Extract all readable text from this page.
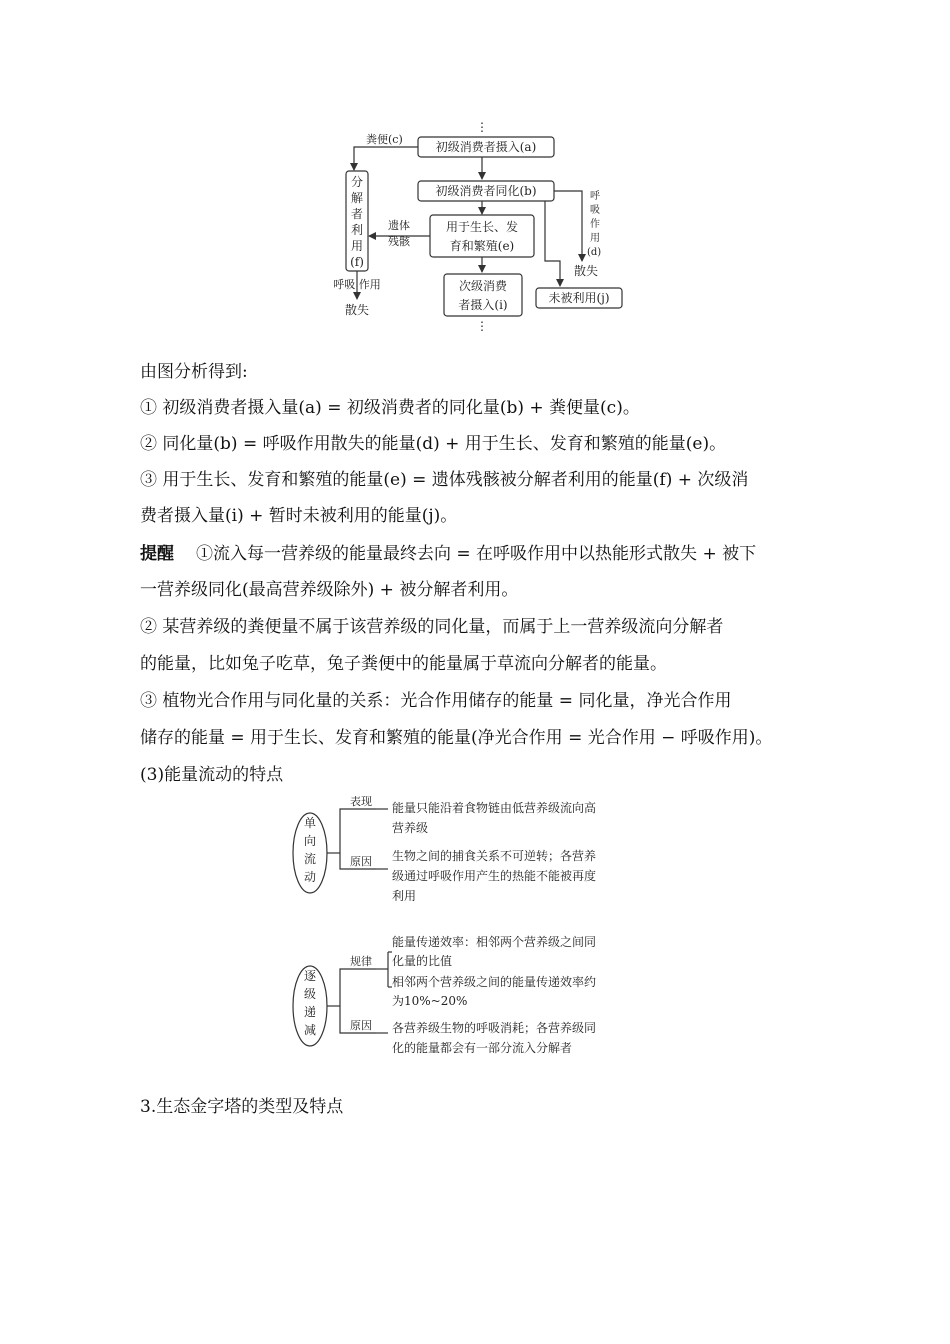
⋮
粪便(c)
初级消费者摄入(a)
初级消费者同化(b)	呼
吸
作
用
(d)
散失
用于生长、发
育和繁殖(e)
遗体
残骸
分
解
者
利
用
(f)
呼吸 作用
散失
次级消费
者摄入(i)	未被利用(j)
⋮
由图分析得到:
① 初级消费者摄入量(a) = 初级消费者的同化量(b) + 粪便量(c)。
② 同化量(b) = 呼吸作用散失的能量(d) + 用于生长、发育和繁殖的能量(e)。
③ 用于生长、发育和繁殖的能量(e) = 遗体残骸被分解者利用的能量(f) + 次级消
费者摄入量(i) + 暂时未被利用的能量(j)。
提醒 ①流入每一营养级的能量最终去向 = 在呼吸作用中以热能形式散失 + 被下
一营养级同化(最高营养级除外) + 被分解者利用。
② 某营养级的粪便量不属于该营养级的同化量，而属于上一营养级流向分解者
的能量，比如兔子吃草，兔子粪便中的能量属于草流向分解者的能量。
③ 植物光合作用与同化量的关系：光合作用储存的能量 = 同化量，净光合作用
储存的能量 = 用于生长、发育和繁殖的能量(净光合作用 = 光合作用 − 呼吸作用)。
(3)能量流动的特点
单
向
流
动
表现
原因
能量只能沿着食物链由低营养级流向高
营养级
生物之间的捕食关系不可逆转；各营养
级通过呼吸作用产生的热能不能被再度
利用
逐
级
递
减
规律
原因
能量传递效率：相邻两个营养级之间同
化量的比值
相邻两个营养级之间的能量传递效率约
为10%~20%
各营养级生物的呼吸消耗；各营养级同
化的能量都会有一部分流入分解者
3.生态金字塔的类型及特点
